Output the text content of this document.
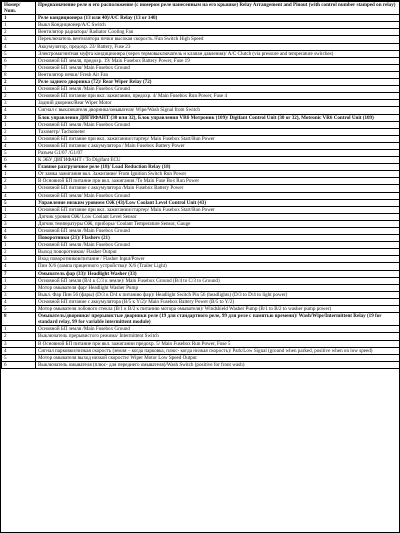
Номер/ Num.	Предназначение реле и его расположение (с номером реле нанесенным на его крышке) Relay Arrangement and Pinout (with control number stamped on relay)
1	Реле кондиционера (13 или 40)/A/C Relay (13 or 140)
1	Выкл Кондиционер/A/C Switch
2	Вентилятор радиатора/ Radiator Cooling Fan
3	Переключатель вентилятора печки высокая скорость /Fan Switch High Speed
4	Аккумулятор, предохр. 23/ Battery, Fuse 23
5	Электромагнитная муфта кондиционера (через термовыключатель и клапан давления)/ A/C Clutch (via pressure and temperature switches)
6	Основной БП земля, предохр. 19/ Main Fusebox Battery Power, Fuse 19
7	Основной БП земля/ Main Fusebox Ground
8	Вентилятор печки/ Fresh Air Fan
2	Реле заднего дворника (72)/ Rear Wiper Relay (72)
1	Основной БП земля /Main Fusebox Ground
2	Основной БП питание при вкл. зажигании, предохр. 4/ Main Fusebox Run Power, Fuse 4
3	Задний дворник/Rear Wiper Motor
4	Сигнал с выключателя дворника/омывателя/ Wipe/Wash Signal from Switch
3	Блок управления ДИГИФАНТ (30 или 32), Блок управления VR6 Мотроник (109)/ Digifant Control Unit (30 or 32), Motronic VR6 Control Unit (109)
1	Основной БП земля /Main Fusebox Ground
2	Тахометр/ Tachometer
3	Основной БП питание при вкл. зажигании/стартер/ Main Fusebox Start/Run Power
4	Основной БП питание с аккумулятора / Main Fusebox Battery Power
5	Разъем G1/07 /G1/07
6	К ЭБУ ДИГИФАНТ / To Digifant ECU
4	Главное разгрузочное реле (18)/ Load Reduction Relay (18)
1	От замка зажигания вкл. Зажигание/ From Ignition Switch Run Power
2	В Основной БП питание при вкл. зажигания /To Main Fuse Box Run Power
3	Основной БП питание с аккумулятора /Main Fusebox Battery Power
4	Основной БП земля/ Main Fusebox Ground
5	Управление низким уровнем ОЖ (43)/Low Coolant Level Control Unit (43)
1	Основной БП питание при вкл. зажигании/стартер/ Main Fusebox Start/Run Power
2	Датчик уровня ОЖ/ Low Coolant Level Sensor
3	Датчик температуры ОЖ, приборы/ Coolant Temperature Sensor, Gauge
4	Основной БП земля /Main Fusebox Ground
6	Поворотники (21)/ Flashers (21)
1	Основной БП земля /Main Fusebox Ground
2	Выход поворотников/ Flasher Output
3	Вход поворотников/питание / Flasher Input/Power
4	Пин X/6 (лампа прицепного устройства)/ X/6 (Trailer Light)
7	Омыватель фар (33)/ Headlight Washer (33)
1	Основной БП земля (В/4 к С/3 к земле)/ Main Fusebox Ground (B/4 to C/3 to Ground)
2	Мотор омывателя фар/ Headlight Washer Pump
3	Выкл. Фар Пин 56 (фары) (D/3 к D/4 к питанию фар)/ Headlight Switch Pin 56 (headlights) (D/3 to D/4 to light power)
4	Основной БП питание с аккумулятора (B/5 к Y/2)/ Main Fusebox Battery Power (B/5 to Y/2)
5	Мотор омывателя лобового стекла (B/1 к B/2 к питанию мотора омывателя)/ Windshield Washer Pump (B/1 to B/2 to washer pump power)
8	Омыватель/дворники/ прерывистые дворники реле (19 для стандартного реле, 99 для реле с памятью времени)/ Wash/Wipe/Intermittent Relay (19 for standard relay, 99 for variable intermittent module)
1	Основной БП земля /Main Fusebox Ground
2	Выключатель прерывистого режима/ Intermittent Switch
3	В Основной БП питание при вкл. зажигании предохр. 5/ Main Fusebox Run Power, Fuse 5
4	Сигнал парковки/низкая скорость (земля – когда парковка, плюс- когда низкая скорость)/ Park/Low Signal (ground when parked, positive when on low speed)
5	Мотор омывателя выход низкой скорости/ Wiper Motor Low Speed Output
6	Выключатель омывателя (плюс- для переднего омывателя)/Wash Switch (positive for front wash)
